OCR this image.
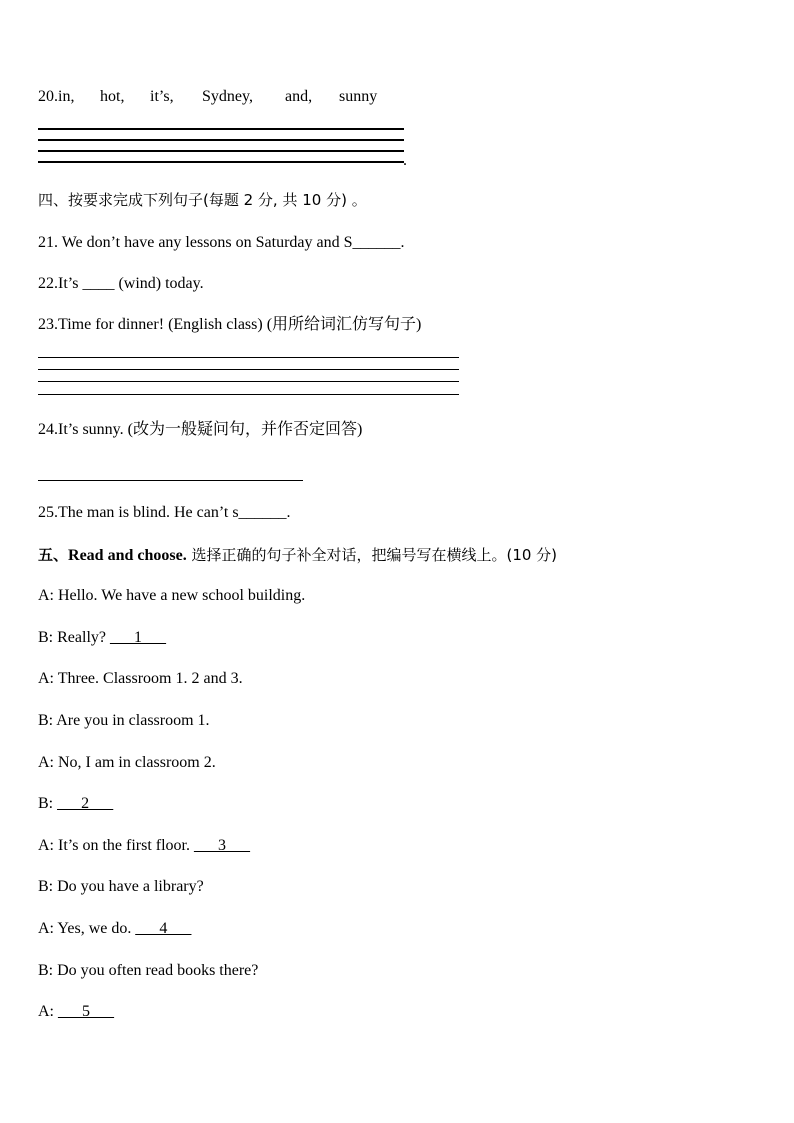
20.in, hot, it’s, Sydney, and, sunny
.
四、按要求完成下列句子(每题 2 分, 共 10 分) 。
21. We don’t have any lessons on Saturday and S______.
22.It’s ____ (wind) today.
23.Time for dinner! (English class) (用所给词汇仿写句子)
24.It’s sunny. (改为一般疑问句，并作否定回答)
25.The man is blind. He can’t s______.
五、Read and choose. 选择正确的句子补全对话，把编号写在横线上。(10 分)
A: Hello. We have a new school building.
B: Really? ___1___
A: Three. Classroom 1. 2 and 3.
B: Are you in classroom 1.
A: No, I am in classroom 2.
B: ___2___
A: It’s on the first floor. ___3___
B: Do you have a library?
A: Yes, we do. ___4___
B: Do you often read books there?
A: ___5___
